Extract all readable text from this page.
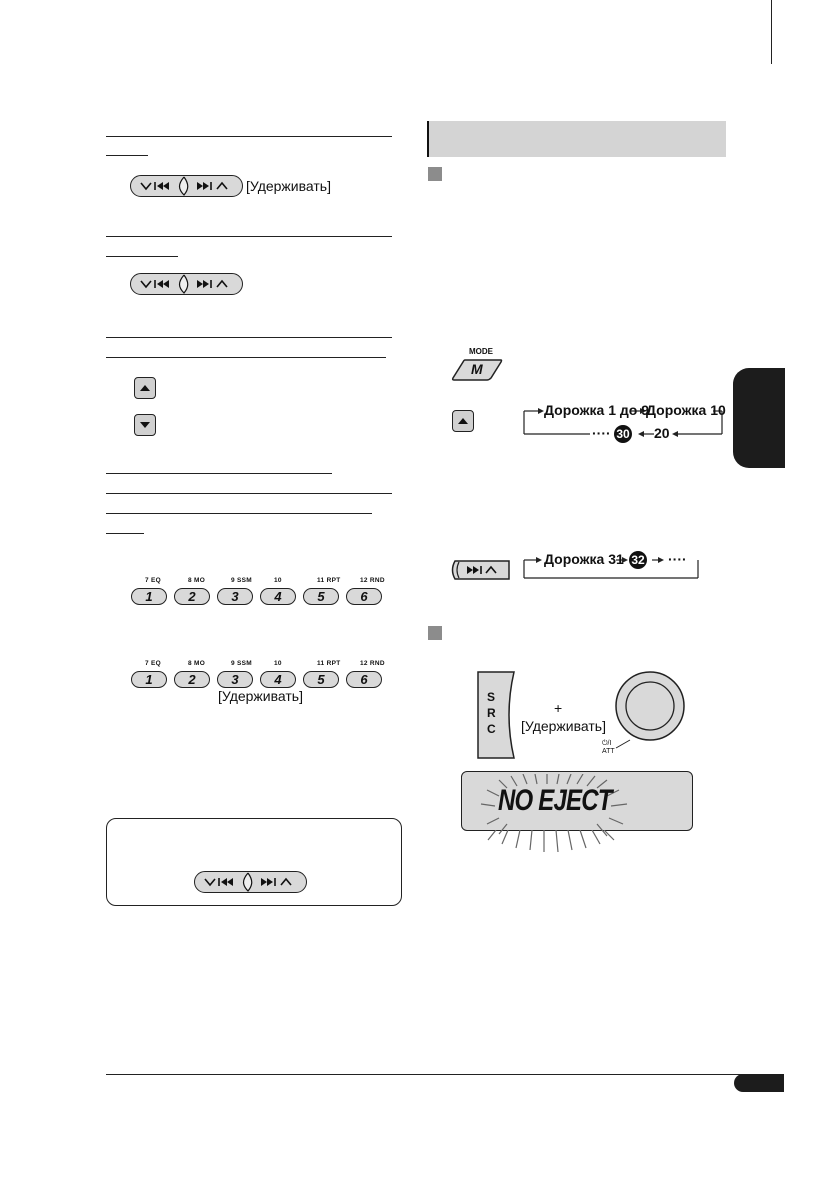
[Удерживать]
7 EQ
1
8 MO
2
9 SSM
3
10
4
11 RPT
5
12 RND
6
7 EQ
1
8 MO
2
9 SSM
3
10
4
11 RPT
5
12 RND
6
[Удерживать]
MODE
M
Дорожка 1 до 9
Дорожка 10
···· 30 20
Дорожка 31 32 ····
S
R
C
+
[Удерживать]
⏻/I
ATT
NO EJECT
